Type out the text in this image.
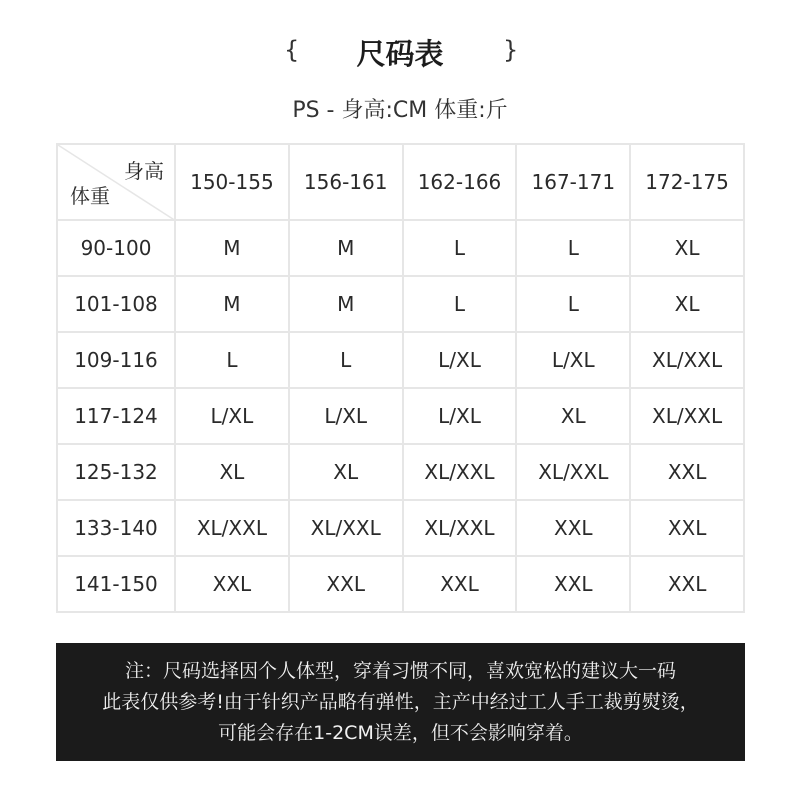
{	尺码表	}
PS - 身高:CM 体重:斤
身高
体重	150-155	156-161	162-166	167-171	172-175
90-100	M	M	L	L	XL
101-108	M	M	L	L	XL
109-116	L	L	L/XL	L/XL	XL/XXL
117-124	L/XL	L/XL	L/XL	XL	XL/XXL
125-132	XL	XL	XL/XXL	XL/XXL	XXL
133-140	XL/XXL	XL/XXL	XL/XXL	XXL	XXL
141-150	XXL	XXL	XXL	XXL	XXL
注：尺码选择因个人体型，穿着习惯不同，喜欢宽松的建议大一码
此表仅供参考!由于针织产品略有弹性，主产中经过工人手工裁剪熨烫，
可能会存在1-2CM误差，但不会影响穿着。
